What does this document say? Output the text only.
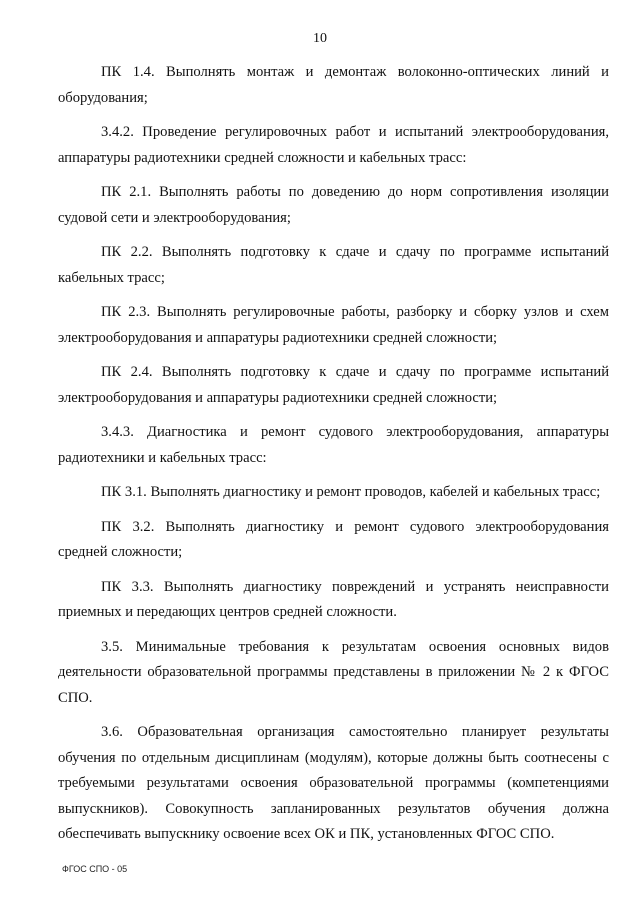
10

ПК 1.4. Выполнять монтаж и демонтаж волоконно-оптических линий и оборудования;

3.4.2. Проведение регулировочных работ и испытаний электрооборудования, аппаратуры радиотехники средней сложности и кабельных трасс:

ПК 2.1. Выполнять работы по доведению до норм сопротивления изоляции судовой сети и электрооборудования;

ПК 2.2. Выполнять подготовку к сдаче и сдачу по программе испытаний кабельных трасс;

ПК 2.3. Выполнять регулировочные работы, разборку и сборку узлов и схем электрооборудования и аппаратуры радиотехники средней сложности;

ПК 2.4. Выполнять подготовку к сдаче и сдачу по программе испытаний электрооборудования и аппаратуры радиотехники средней сложности;

3.4.3. Диагностика и ремонт судового электрооборудования, аппаратуры радиотехники и кабельных трасс:

ПК 3.1. Выполнять диагностику и ремонт проводов, кабелей и кабельных трасс;

ПК 3.2. Выполнять диагностику и ремонт судового электрооборудования средней сложности;

ПК 3.3. Выполнять диагностику повреждений и устранять неисправности приемных и передающих центров средней сложности.

3.5. Минимальные требования к результатам освоения основных видов деятельности образовательной программы представлены в приложении № 2 к ФГОС СПО.

3.6. Образовательная организация самостоятельно планирует результаты обучения по отдельным дисциплинам (модулям), которые должны быть соотнесены с требуемыми результатами освоения образовательной программы (компетенциями выпускников). Совокупность запланированных результатов обучения должна обеспечивать выпускнику освоение всех ОК и ПК, установленных ФГОС СПО.

ФГОС СПО - 05
